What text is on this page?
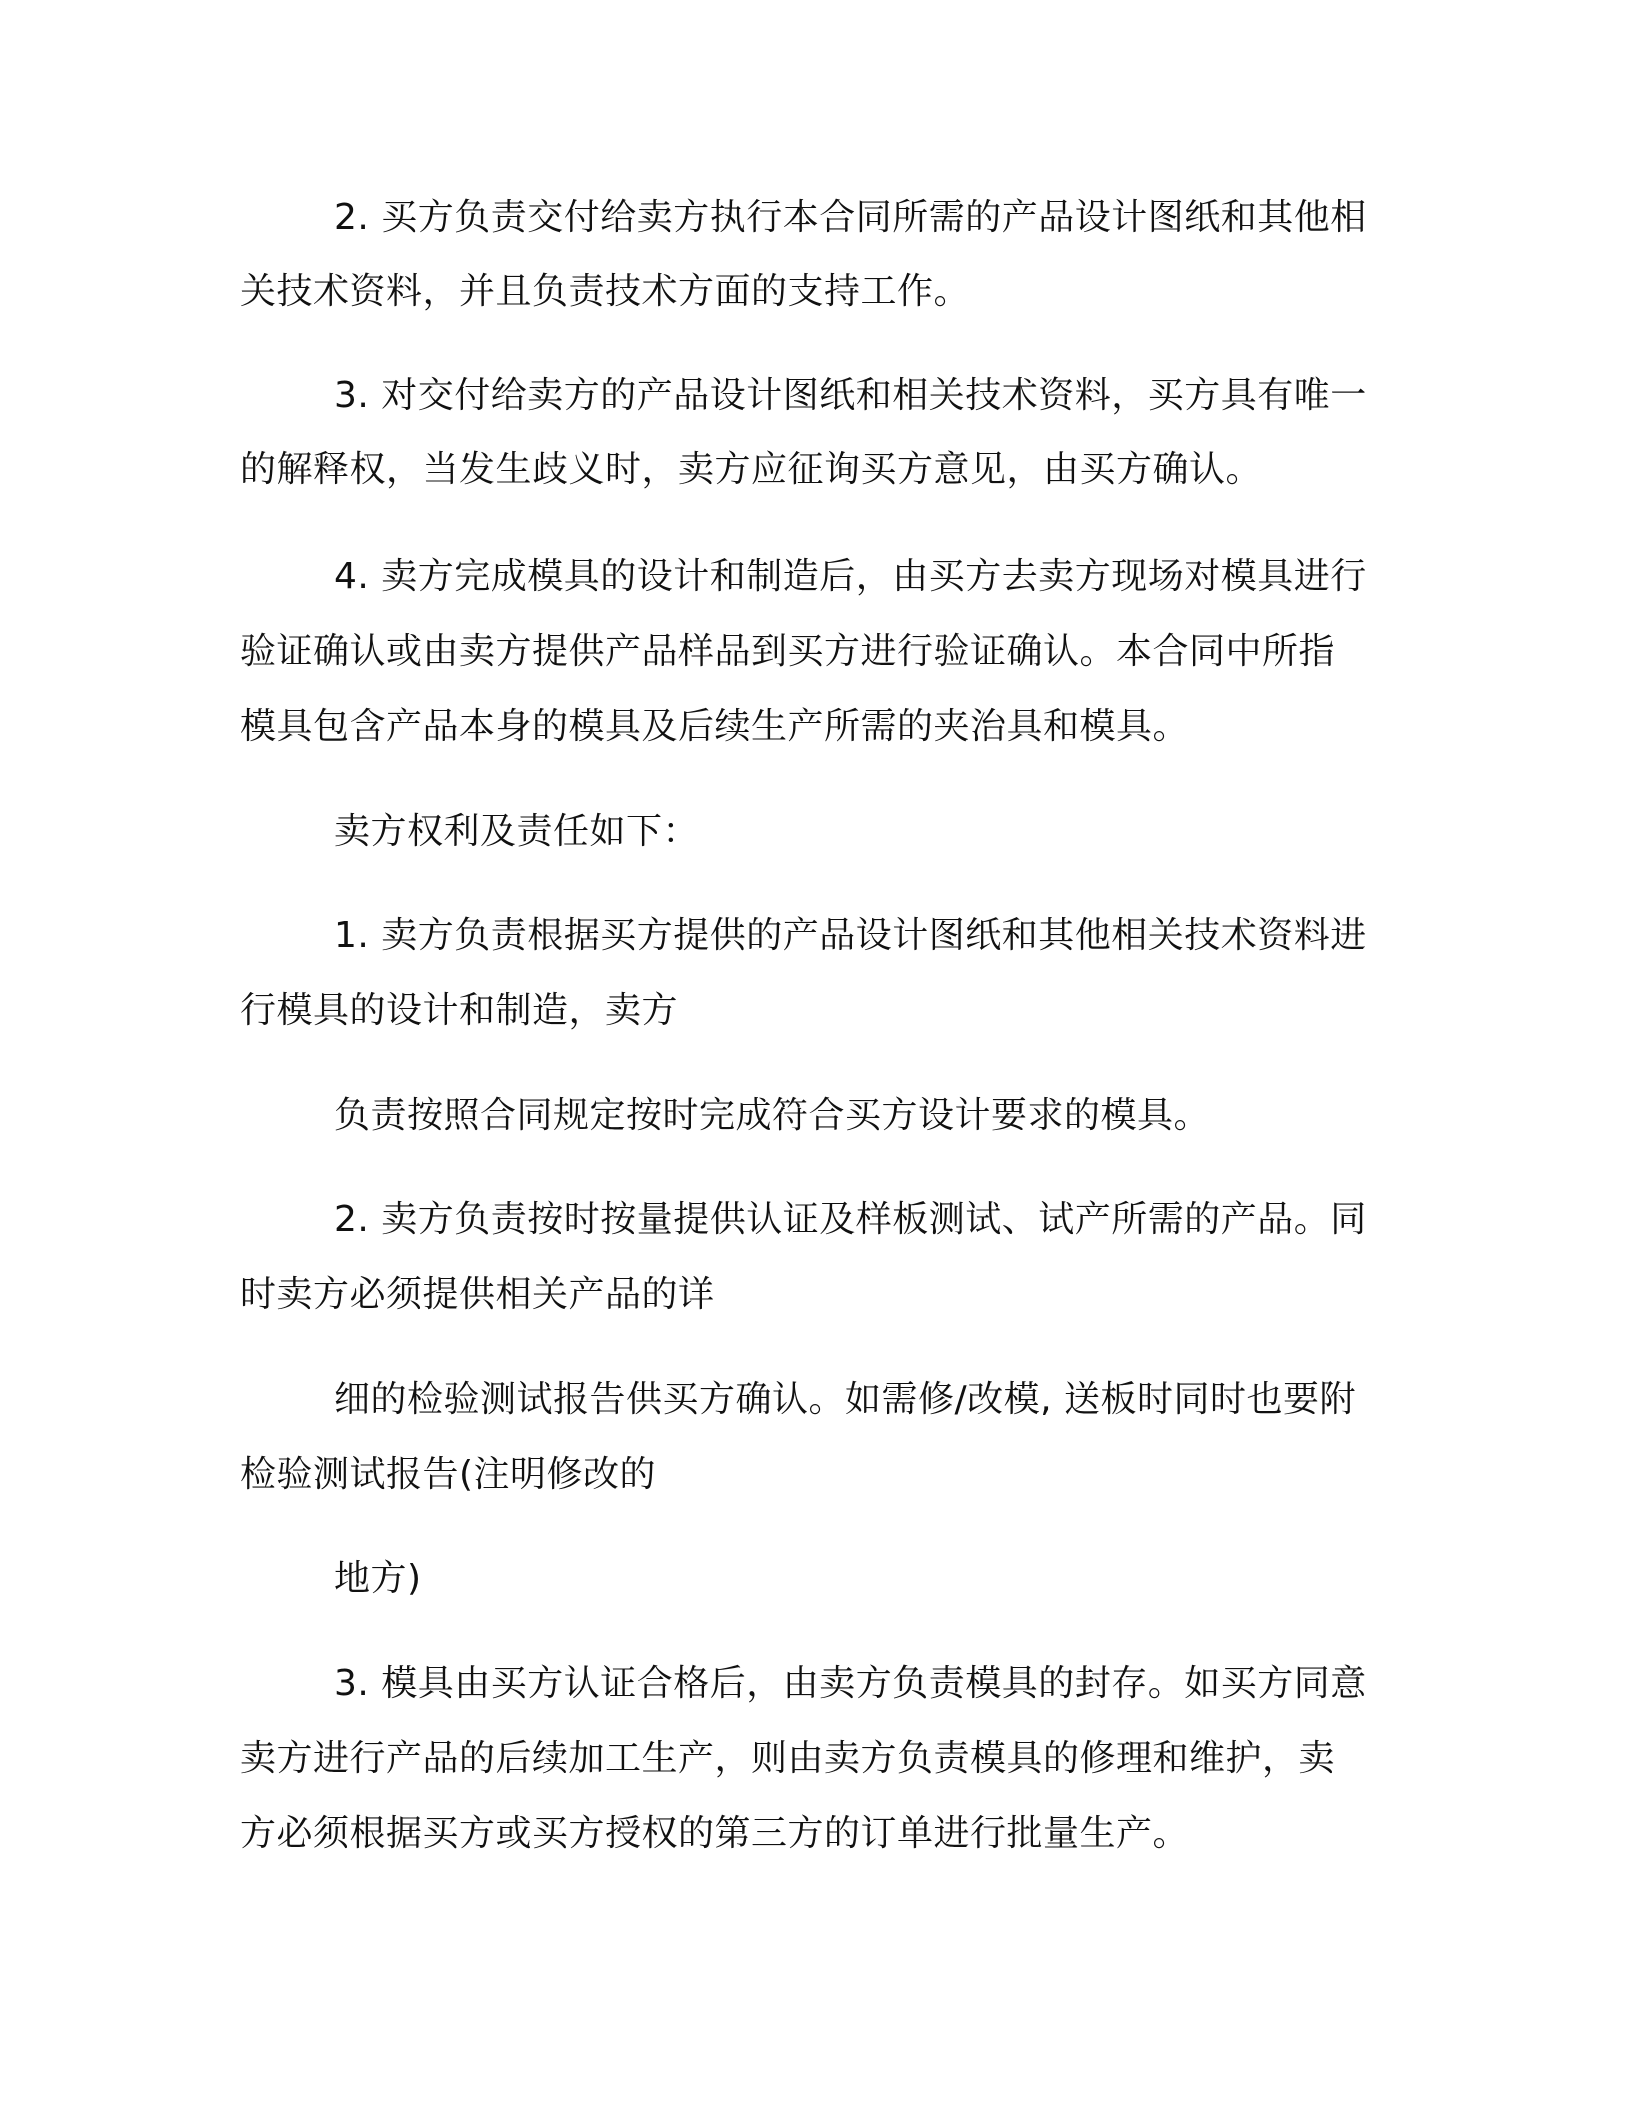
2. 买方负责交付给卖方执行本合同所需的产品设计图纸和其他相
关技术资料，并且负责技术方面的支持工作。
3. 对交付给卖方的产品设计图纸和相关技术资料，买方具有唯一
的解释权，当发生歧义时，卖方应征询买方意见，由买方确认。
4. 卖方完成模具的设计和制造后，由买方去卖方现场对模具进行
验证确认或由卖方提供产品样品到买方进行验证确认。本合同中所指
模具包含产品本身的模具及后续生产所需的夹治具和模具。
卖方权利及责任如下：
1. 卖方负责根据买方提供的产品设计图纸和其他相关技术资料进
行模具的设计和制造，卖方
负责按照合同规定按时完成符合买方设计要求的模具。
2. 卖方负责按时按量提供认证及样板测试、试产所需的产品。同
时卖方必须提供相关产品的详
细的检验测试报告供买方确认。如需修/改模, 送板时同时也要附
检验测试报告(注明修改的
地方)
3. 模具由买方认证合格后，由卖方负责模具的封存。如买方同意
卖方进行产品的后续加工生产，则由卖方负责模具的修理和维护，卖
方必须根据买方或买方授权的第三方的订单进行批量生产。
